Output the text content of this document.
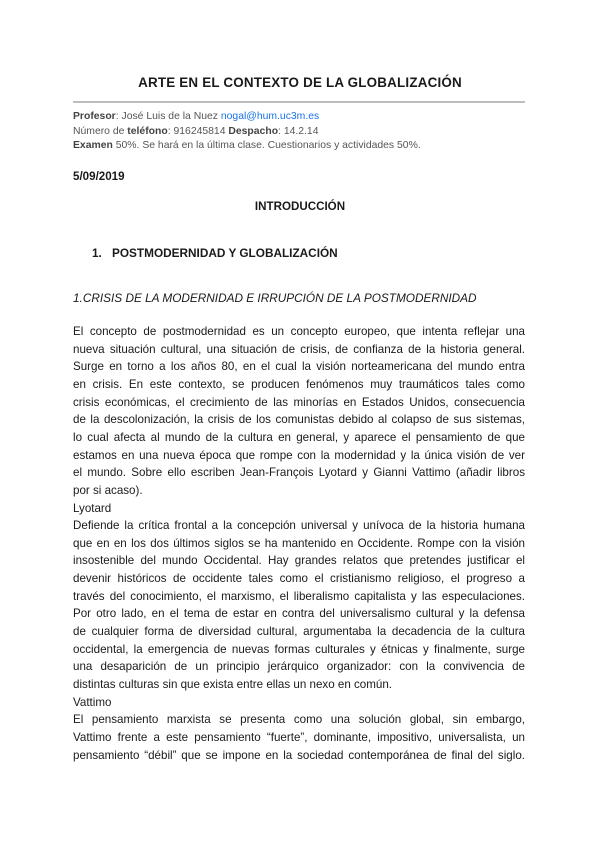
ARTE EN EL CONTEXTO DE LA GLOBALIZACIÓN
Profesor: José Luis de la Nuez nogal@hum.uc3m.es
Número de teléfono: 916245814 Despacho: 14.2.14
Examen 50%. Se hará en la última clase. Cuestionarios y actividades 50%.
5/09/2019
INTRODUCCIÓN
1. POSTMODERNIDAD Y GLOBALIZACIÓN
1.CRISIS DE LA MODERNIDAD E IRRUPCIÓN DE LA POSTMODERNIDAD
El concepto de postmodernidad es un concepto europeo, que intenta reflejar una
nueva situación cultural, una situación de crisis, de confianza de la historia general.
Surge en torno a los años 80, en el cual la visión norteamericana del mundo entra
en crisis. En este contexto, se producen fenómenos muy traumáticos tales como
crisis económicas, el crecimiento de las minorías en Estados Unidos, consecuencia
de la descolonización, la crisis de los comunistas debido al colapso de sus sistemas,
lo cual afecta al mundo de la cultura en general, y aparece el pensamiento de que
estamos en una nueva época que rompe con la modernidad y la única visión de ver
el mundo. Sobre ello escriben Jean-François Lyotard y Gianni Vattimo (añadir libros
por si acaso).
Lyotard
Defiende la crítica frontal a la concepción universal y unívoca de la historia humana
que en en los dos últimos siglos se ha mantenido en Occidente. Rompe con la visión
insostenible del mundo Occidental. Hay grandes relatos que pretendes justificar el
devenir históricos de occidente tales como el cristianismo religioso, el progreso a
través del conocimiento, el marxismo, el liberalismo capitalista y las especulaciones.
Por otro lado, en el tema de estar en contra del universalismo cultural y la defensa
de cualquier forma de diversidad cultural, argumentaba la decadencia de la cultura
occidental, la emergencia de nuevas formas culturales y étnicas y finalmente, surge
una desaparición de un principio jerárquico organizador: con la convivencia de
distintas culturas sin que exista entre ellas un nexo en común.
Vattimo
El pensamiento marxista se presenta como una solución global, sin embargo,
Vattimo frente a este pensamiento “fuerte”, dominante, impositivo, universalista, un
pensamiento “débil” que se impone en la sociedad contemporánea de final del siglo.
